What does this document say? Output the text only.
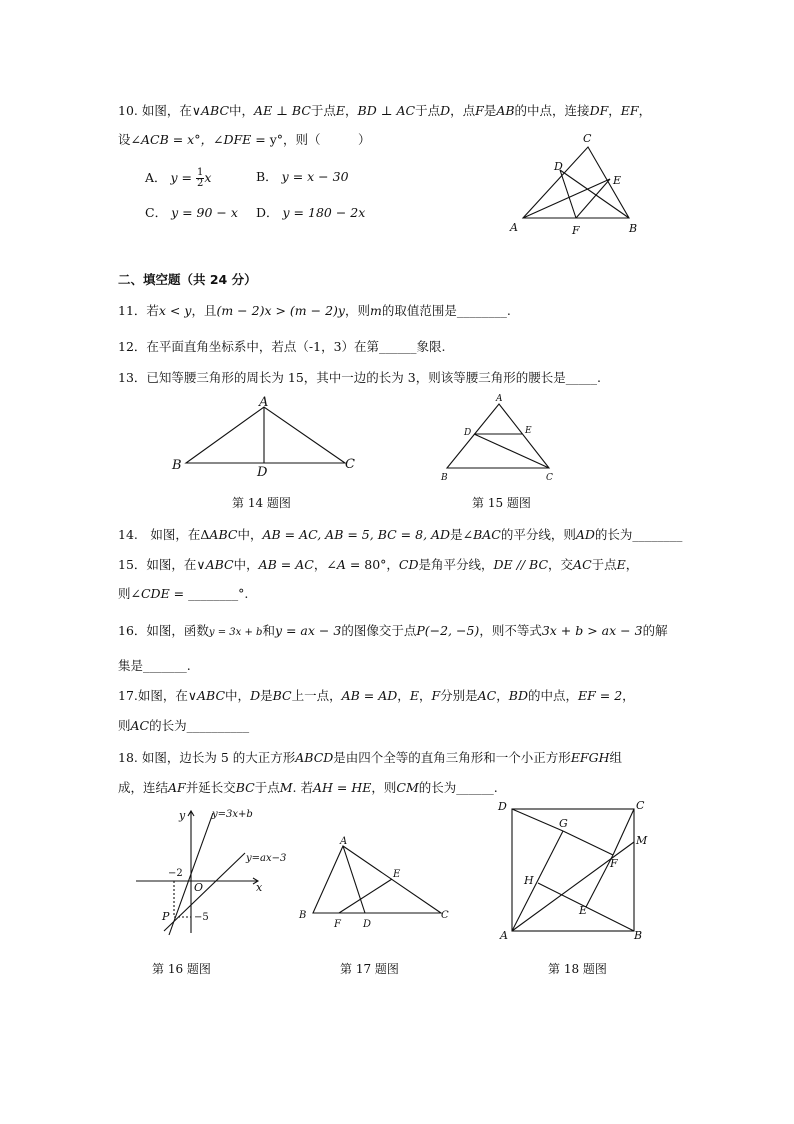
10. 如图，在∨ABC中，AE ⊥ BC于点E，BD ⊥ AC于点D，点F是AB的中点，连接DF，EF，
设∠ACB = x°，∠DFE = y°，则（　　　）
A． $y = \frac{1}{2}$ x	B． y = x − 30
C． y = 90 − x D． y = 180 − 2x
C
D
E
A	F	B
二、填空题（共 24 分）
11．若x < y，且(m − 2)x > (m − 2)y，则m的取值范围是________.
12．在平面直角坐标系中，若点（-1，3）在第______象限.
13．已知等腰三角形的周长为 15，其中一边的长为 3，则该等腰三角形的腰长是_____.
A
B	C
D
第 14 题图
A
D	E
B	C
第 15 题图
14.　如图，在ΔABC中，AB = AC, AB = 5, BC = 8, AD是∠BAC的平分线，则AD的长为________
15．如图，在∨ABC中，AB = AC，∠A = 80°，CD是角平分线，DE // BC，交AC于点E，
则∠CDE = ________°.
16．如图，函数y = 3x + b和y = ax − 3的图像交于点P(−2, −5)，则不等式3x + b > ax − 3的解
集是_______.
17.如图，在∨ABC中，D是BC上一点，AB = AD，E，F分别是AC，BD的中点，EF = 2，
则AC的长为__________
18. 如图，边长为 5 的大正方形ABCD是由四个全等的直角三角形和一个小正方形EFGH组
成，连结AF并延长交BC于点M. 若AH = HE，则CM的长为______.
y
x
O
P
−2
−5
y=3x+b
y=ax−3
第 16 题图
A
E
B	C
F D
第 17 题图
D	C
G
M
F
H
E
A	B
第 18 题图
